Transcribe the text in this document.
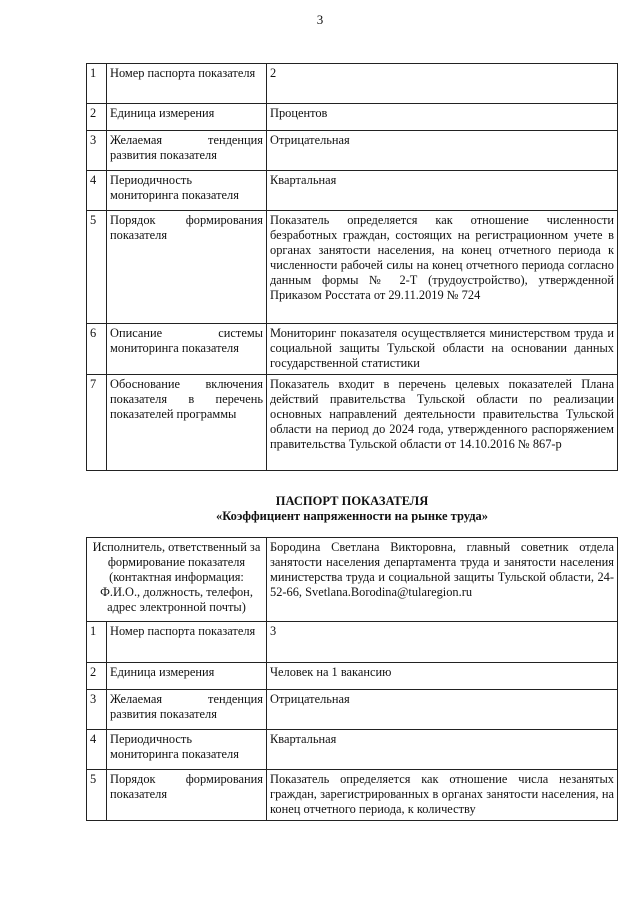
3
1	Номер паспорта показателя	2
2	Единица измерения	Процентов
3	Желаемая тенденция развития показателя	Отрицательная
4	Периодичность мониторинга показателя	Квартальная
5	Порядок формирования показателя	Показатель определяется как отношение численности безработных граждан, состоящих на регистрационном учете в органах занятости населения, на конец отчетного периода к численности рабочей силы на конец отчетного периода согласно данным формы № 2-Т (трудоустройство), утвержденной Приказом Росстата от 29.11.2019 № 724
6	Описание системы мониторинга показателя	Мониторинг показателя осуществляется министерством труда и социальной защиты Тульской области на основании данных государственной статистики
7	Обоснование включения показателя в перечень показателей программы	Показатель входит в перечень целевых показателей Плана действий правительства Тульской области по реализации основных направлений деятельности правительства Тульской области на период до 2024 года, утвержденного распоряжением правительства Тульской области от 14.10.2016 № 867-р
ПАСПОРТ ПОКАЗАТЕЛЯ
«Коэффициент напряженности на рынке труда»
Исполнитель, ответственный за формирование показателя (контактная информация: Ф.И.О., должность, телефон, адрес электронной почты)		Бородина Светлана Викторовна, главный советник отдела занятости населения департамента труда и занятости населения министерства труда и социальной защиты Тульской области, 24-52-66, Svetlana.Borodina@tularegion.ru
1	Номер паспорта показателя	3
2	Единица измерения	Человек на 1 вакансию
3	Желаемая тенденция развития показателя	Отрицательная
4	Периодичность мониторинга показателя	Квартальная
5	Порядок формирования показателя	Показатель определяется как отношение числа незанятых граждан, зарегистрированных в органах занятости населения, на конец отчетного периода, к количеству
